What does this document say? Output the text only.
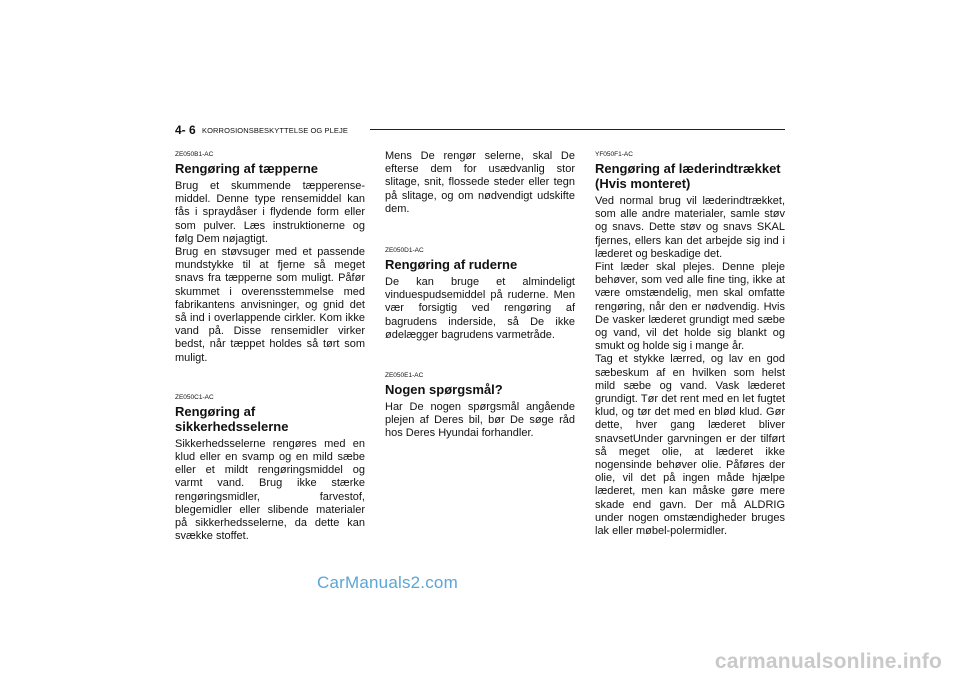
4- 6 KORROSIONSBESKYTTELSE OG PLEJE

ZE050B1-AC

Rengøring af tæpperne

Brug et skummende tæpperense-middel. Denne type rensemiddel kan fås i spraydåser i flydende form eller som pulver. Læs instruktionerne og følg Dem nøjagtigt.
Brug en støvsuger med et passende mundstykke til at fjerne så meget snavs fra tæpperne som muligt. Påfør skummet i overensstemmelse med fabrikantens anvisninger, og gnid det så ind i overlappende cirkler. Kom ikke vand på. Disse rensemidler virker bedst, når tæppet holdes så tørt som muligt.

ZE050C1-AC

Rengøring af sikkerhedsselerne

Sikkerhedsselerne rengøres med en klud eller en svamp og en mild sæbe eller et mildt rengøringsmiddel og varmt vand. Brug ikke stærke rengøringsmidler, farvestof, blegemidler eller slibende materialer på sikkerhedsselerne, da dette kan svække stoffet.

Mens De rengør selerne, skal De efterse dem for usædvanlig stor slitage, snit, flossede steder eller tegn på slitage, og om nødvendigt udskifte dem.

ZE050D1-AC

Rengøring af ruderne

De kan bruge et almindeligt vinduespudsemiddel på ruderne. Men vær forsigtig ved rengøring af bagrudens inderside, så De ikke ødelægger bagrudens varmetråde.

ZE050E1-AC

Nogen spørgsmål?

Har De nogen spørgsmål angående plejen af Deres bil, bør De søge råd hos Deres Hyundai forhandler.

YF050F1-AC

Rengøring af læderindtrækket (Hvis monteret)

Ved normal brug vil læderindtrækket, som alle andre materialer, samle støv og snavs. Dette støv og snavs SKAL fjernes, ellers kan det arbejde sig ind i læderet og beskadige det.
Fint læder skal plejes. Denne pleje behøver, som ved alle fine ting, ikke at være omstændelig, men skal omfatte rengøring, når den er nødvendig. Hvis De vasker læderet grundigt med sæbe og vand, vil det holde sig blankt og smukt og holde sig i mange år.
Tag et stykke lærred, og lav en god sæbeskum af en hvilken som helst mild sæbe og vand. Vask læderet grundigt. Tør det rent med en let fugtet klud, og tør det med en blød klud. Gør dette, hver gang læderet bliver snavsetUnder garvningen er der tilført så meget olie, at læderet ikke nogensinde behøver olie. Påføres der olie, vil det på ingen måde hjælpe læderet, men kan måske gøre mere skade end gavn. Der må ALDRIG under nogen omstændigheder bruges lak eller møbel-polermidler.

CarManuals2.com
carmanualsonline.info
